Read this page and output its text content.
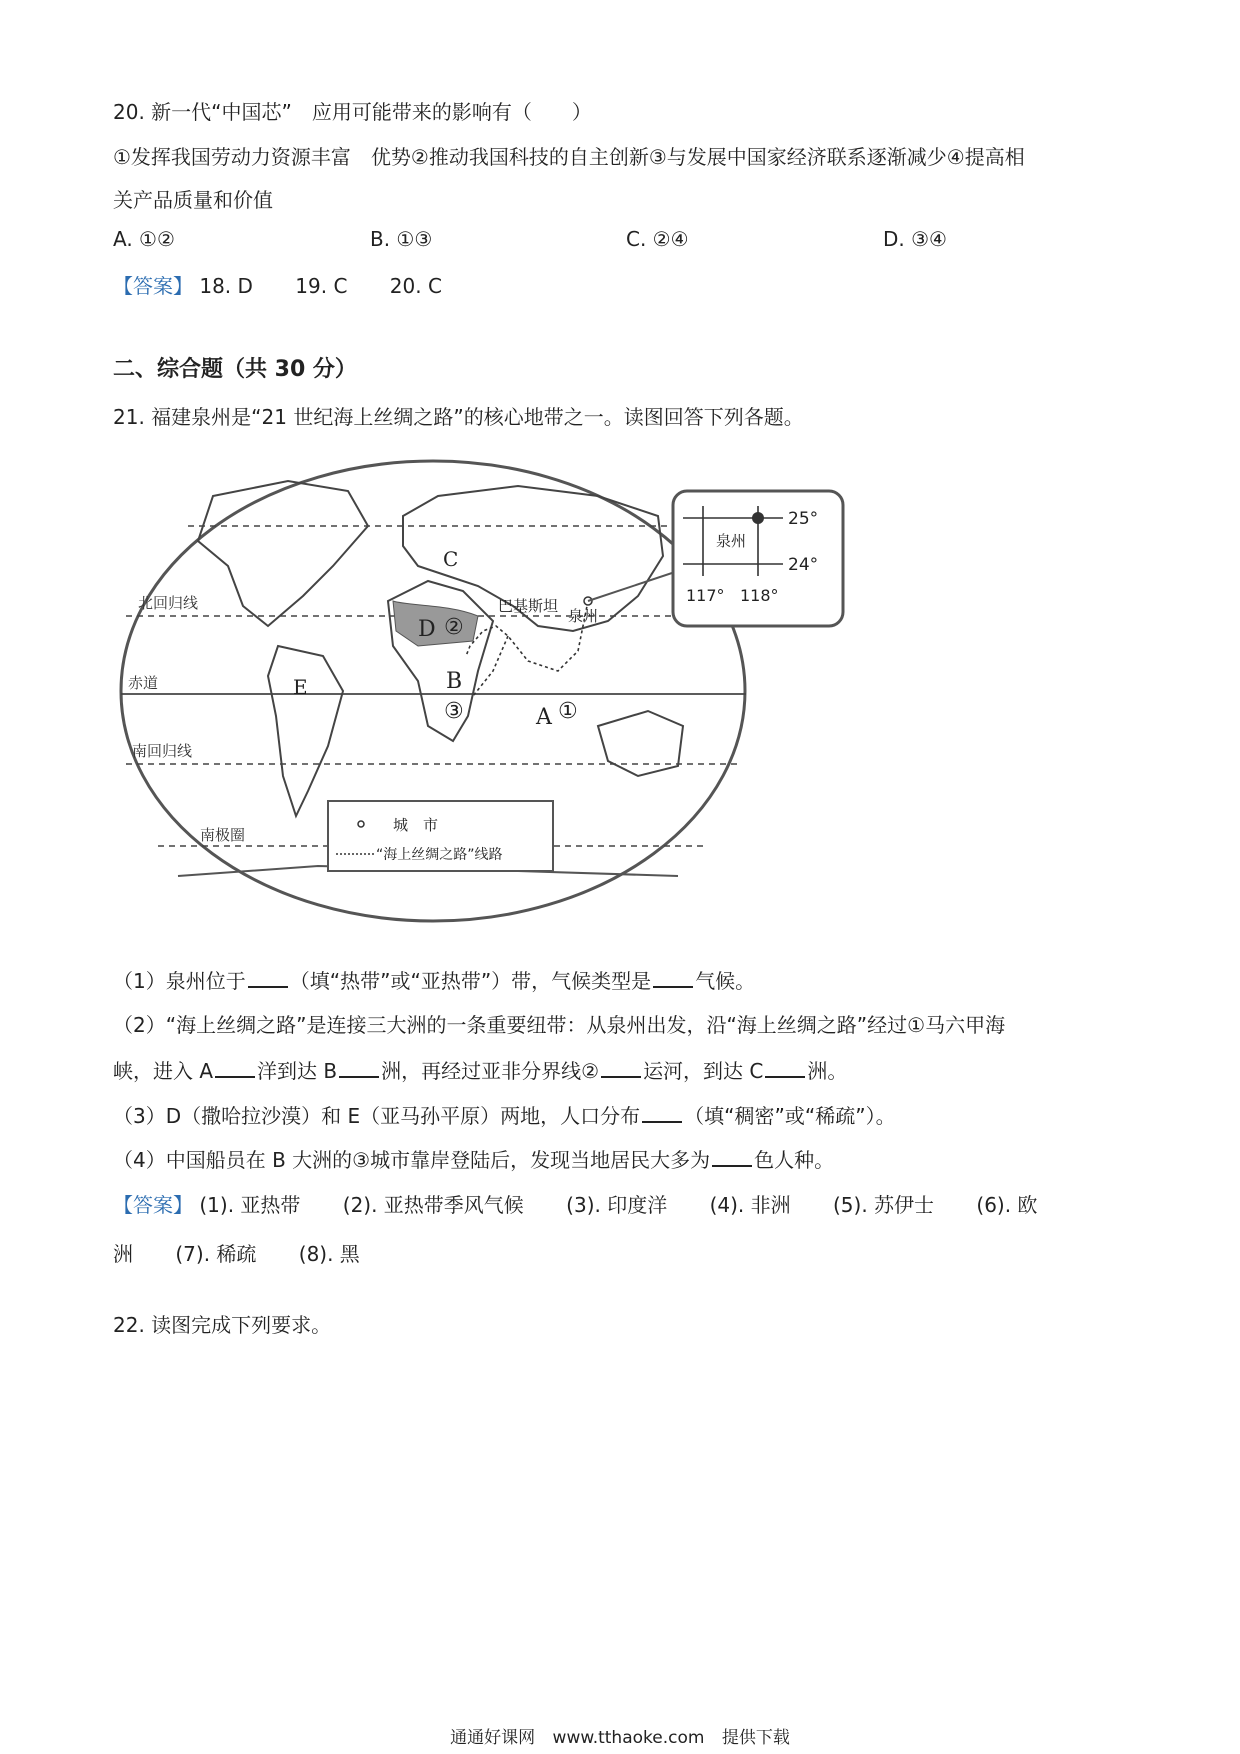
20. 新一代“中国芯”　应用可能带来的影响有（　　）
①发挥我国劳动力资源丰富　优势②推动我国科技的自主创新③与发展中国家经济联系逐渐减少④提高相
关产品质量和价值
A. ①②	B. ①③	C. ②④	D. ③④
【答案】 18. D 19. C 20. C
二、综合题（共 30 分）
21. 福建泉州是“21 世纪海上丝绸之路”的核心地带之一。读图回答下列各题。
北回归线
赤道
南回归线
南极圈
A
B
C
D
E
①
②
③
巴基斯坦
泉州
泉州
25°
24°
117° 118°
城　市
“海上丝绸之路”线路
（1）泉州位于 （填“热带”或“亚热带”）带，气候类型是 气候。
（2）“海上丝绸之路”是连接三大洲的一条重要纽带：从泉州出发，沿“海上丝绸之路”经过①马六甲海
峡，进入 A 洋到达 B 洲，再经过亚非分界线② 运河，到达 C 洲。
（3）D（撒哈拉沙漠）和 E（亚马孙平原）两地，人口分布 （填“稠密”或“稀疏”）。
（4）中国船员在 B 大洲的③城市靠岸登陆后，发现当地居民大多为 色人种。
【答案】 (1). 亚热带 (2). 亚热带季风气候 (3). 印度洋 (4). 非洲 (5). 苏伊士 (6). 欧
洲 (7). 稀疏 (8). 黑
22. 读图完成下列要求。
通通好课网 www.tthaoke.com 提供下载
